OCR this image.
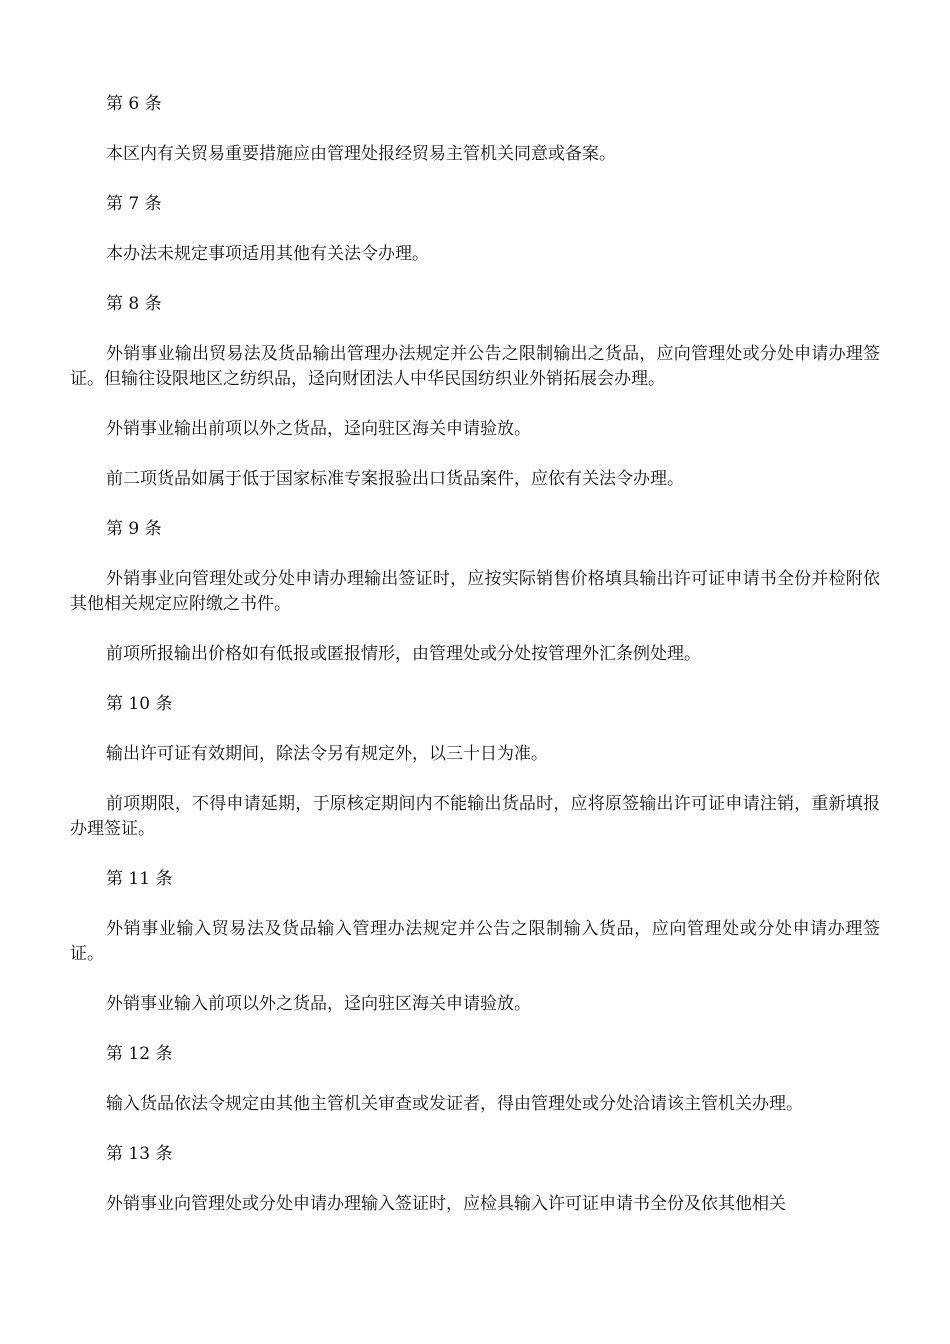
第 6 条

本区内有关贸易重要措施应由管理处报经贸易主管机关同意或备案。

第 7 条

本办法未规定事项适用其他有关法令办理。

第 8 条

外销事业输出贸易法及货品输出管理办法规定并公告之限制输出之货品，应向管理处或分处申请办理签证。但输往设限地区之纺织品，迳向财团法人中华民国纺织业外销拓展会办理。

外销事业输出前项以外之货品，迳向驻区海关申请验放。

前二项货品如属于低于国家标准专案报验出口货品案件，应依有关法令办理。

第 9 条

外销事业向管理处或分处申请办理输出签证时，应按实际销售价格填具输出许可证申请书全份并检附依其他相关规定应附缴之书件。

前项所报输出价格如有低报或匿报情形，由管理处或分处按管理外汇条例处理。

第 10 条

输出许可证有效期间，除法令另有规定外，以三十日为准。

前项期限，不得申请延期，于原核定期间内不能输出货品时，应将原签输出许可证申请注销，重新填报办理签证。

第 11 条

外销事业输入贸易法及货品输入管理办法规定并公告之限制输入货品，应向管理处或分处申请办理签证。

外销事业输入前项以外之货品，迳向驻区海关申请验放。

第 12 条

输入货品依法令规定由其他主管机关审查或发证者，得由管理处或分处洽请该主管机关办理。

第 13 条

外销事业向管理处或分处申请办理输入签证时，应检具输入许可证申请书全份及依其他相关
